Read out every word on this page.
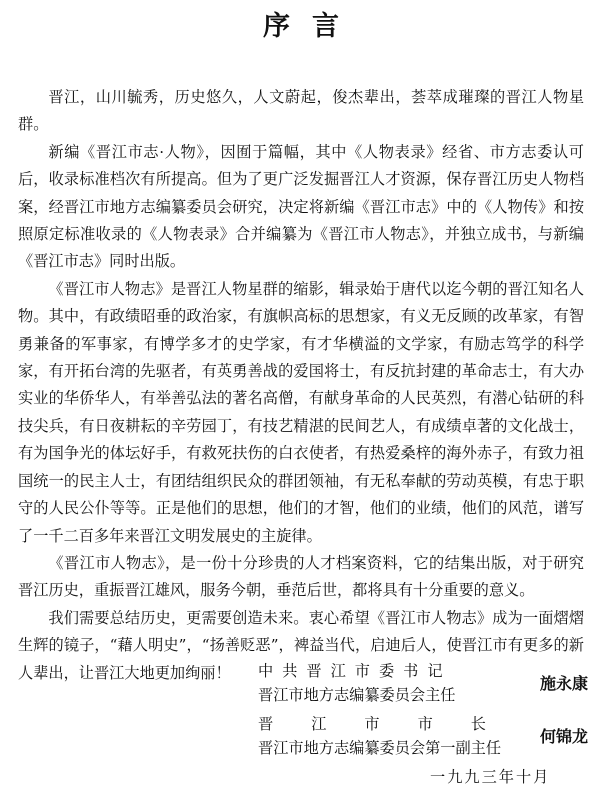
序言

晋江，山川毓秀，历史悠久，人文蔚起，俊杰辈出，荟萃成璀璨的晋江人物星群。

新编《晋江市志·人物》，因囿于篇幅，其中《人物表录》经省、市方志委认可后，收录标准档次有所提高。但为了更广泛发掘晋江人才资源，保存晋江历史人物档案，经晋江市地方志编纂委员会研究，决定将新编《晋江市志》中的《人物传》和按照原定标准收录的《人物表录》合并编纂为《晋江市人物志》，并独立成书，与新编《晋江市志》同时出版。

《晋江市人物志》是晋江人物星群的缩影，辑录始于唐代以迄今朝的晋江知名人物。其中，有政绩昭垂的政治家，有旗帜高标的思想家，有义无反顾的改革家，有智勇兼备的军事家，有博学多才的史学家，有才华横溢的文学家，有励志笃学的科学家，有开拓台湾的先驱者，有英勇善战的爱国将士，有反抗封建的革命志士，有大办实业的华侨华人，有举善弘法的著名高僧，有献身革命的人民英烈，有潜心钻研的科技尖兵，有日夜耕耘的辛劳园丁，有技艺精湛的民间艺人，有成绩卓著的文化战士，有为国争光的体坛好手，有救死扶伤的白衣使者，有热爱桑梓的海外赤子，有致力祖国统一的民主人士，有团结组织民众的群团领袖，有无私奉献的劳动英模，有忠于职守的人民公仆等等。正是他们的思想，他们的才智，他们的业绩，他们的风范，谱写了一千二百多年来晋江文明发展史的主旋律。

《晋江市人物志》，是一份十分珍贵的人才档案资料，它的结集出版，对于研究晋江历史，重振晋江雄风，服务今朝，垂范后世，都将具有十分重要的意义。

我们需要总结历史，更需要创造未来。衷心希望《晋江市人物志》成为一面熠熠生辉的镜子，“藉人明史”，“扬善贬恶”，裨益当代，启迪后人，使晋江市有更多的新人辈出，让晋江大地更加绚丽！	中共晋江市委书记
晋江市地方志编纂委员会主任
施永康
晋江市市长
晋江市地方志编纂委员会第一副主任
何锦龙
一九九三年十月
